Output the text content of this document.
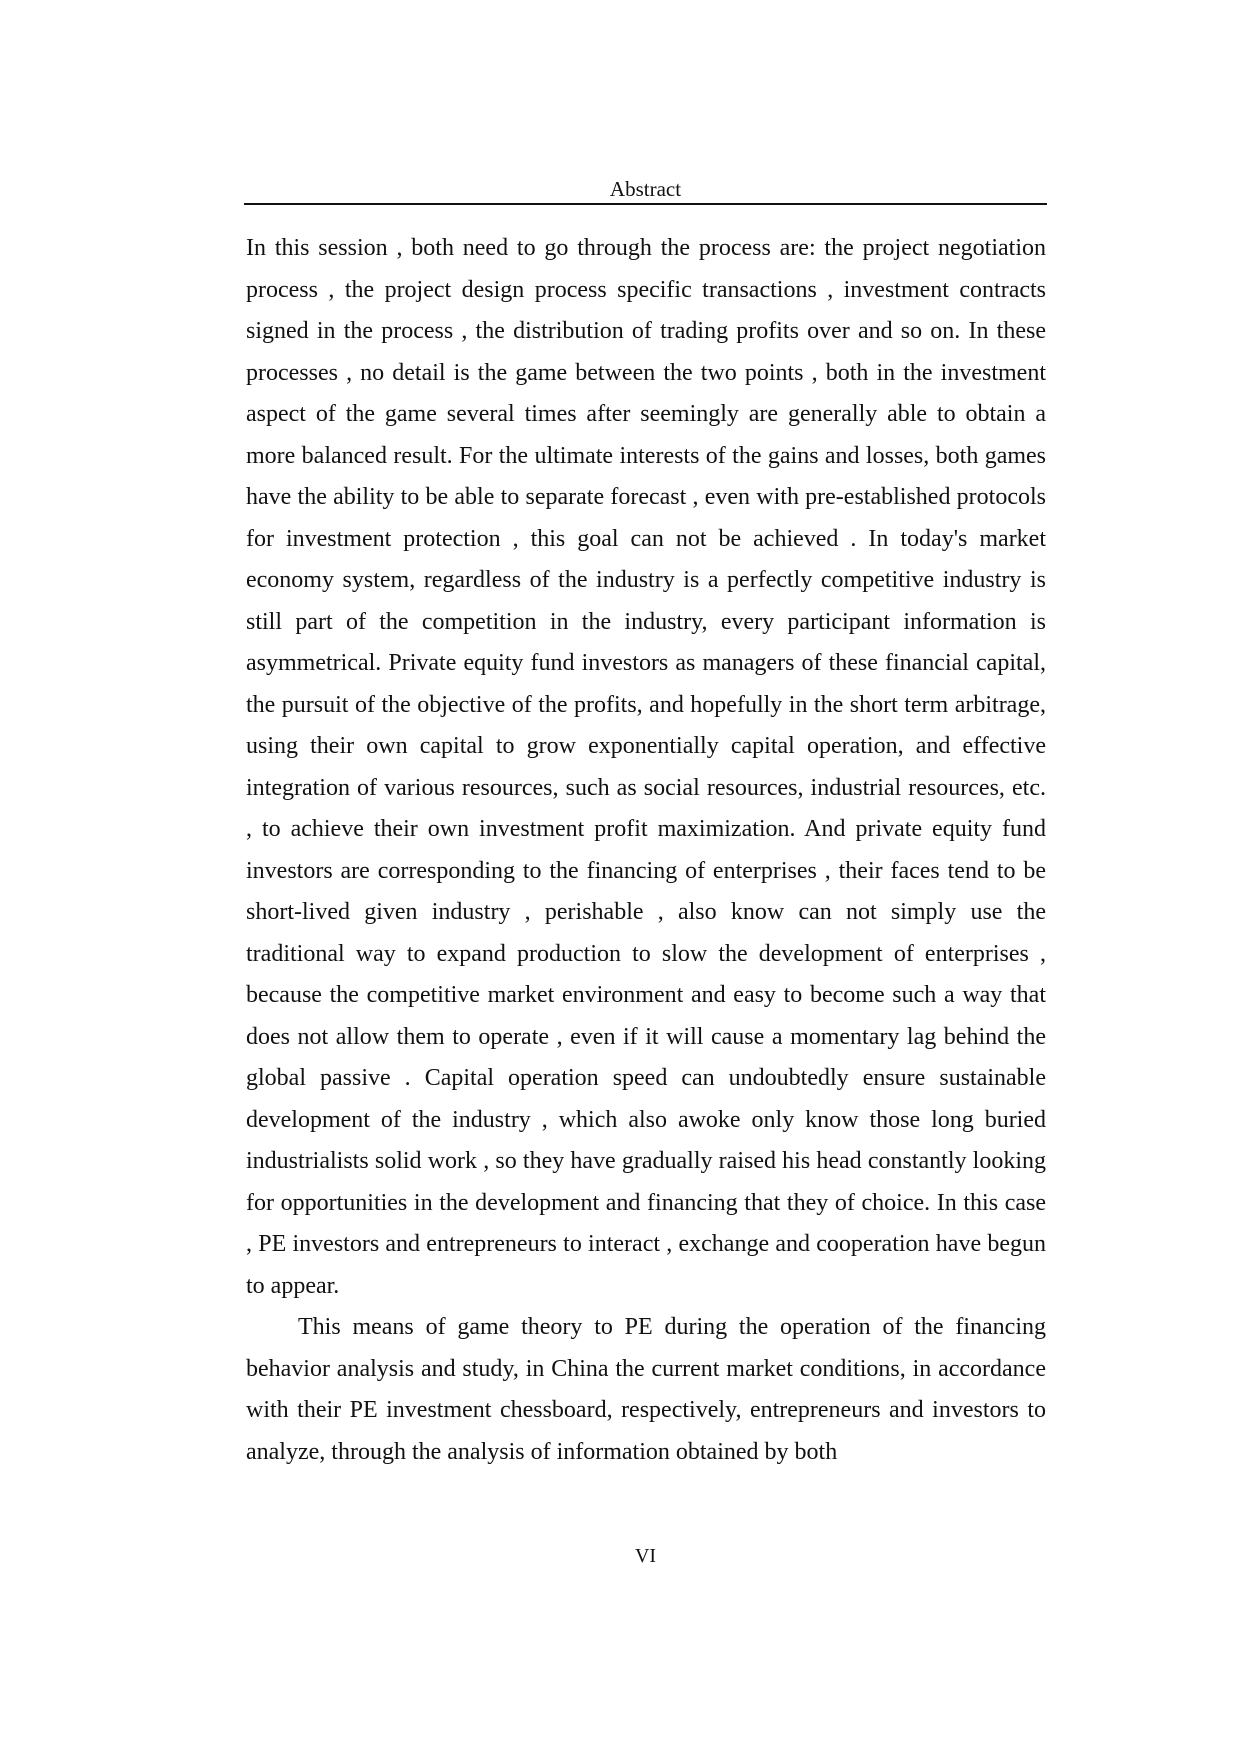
Abstract

In this session , both need to go through the process are: the project negotiation process , the project design process specific transactions , investment contracts signed in the process , the distribution of trading profits over and so on. In these processes , no detail is the game between the two points , both in the investment aspect of the game several times after seemingly are generally able to obtain a more balanced result. For the ultimate interests of the gains and losses, both games have the ability to be able to separate forecast , even with pre-established protocols for investment protection , this goal can not be achieved . In today's market economy system, regardless of the industry is a perfectly competitive industry is still part of the competition in the industry, every participant information is asymmetrical. Private equity fund investors as managers of these financial capital, the pursuit of the objective of the profits, and hopefully in the short term arbitrage, using their own capital to grow exponentially capital operation, and effective integration of various resources, such as social resources, industrial resources, etc. , to achieve their own investment profit maximization. And private equity fund investors are corresponding to the financing of enterprises , their faces tend to be short-lived given industry , perishable , also know can not simply use the traditional way to expand production to slow the development of enterprises , because the competitive market environment and easy to become such a way that does not allow them to operate , even if it will cause a momentary lag behind the global passive . Capital operation speed can undoubtedly ensure sustainable development of the industry , which also awoke only know those long buried industrialists solid work , so they have gradually raised his head constantly looking for opportunities in the development and financing that they of choice. In this case , PE investors and entrepreneurs to interact , exchange and cooperation have begun to appear.

This means of game theory to PE during the operation of the financing behavior analysis and study, in China the current market conditions, in accordance with their PE investment chessboard, respectively, entrepreneurs and investors to analyze, through the analysis of information obtained by both

VI
